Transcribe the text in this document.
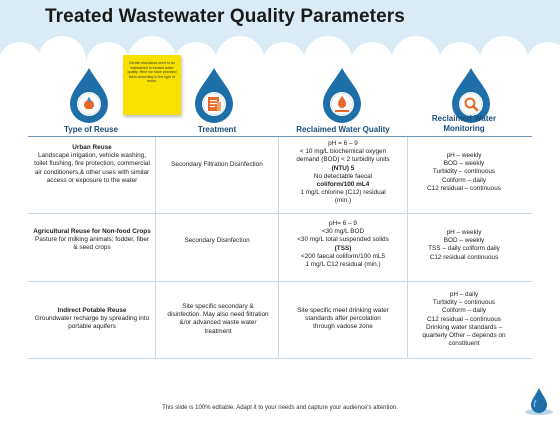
Treated Wastewater Quality Parameters
Certain standards need to be maintained in treated water quality. Here we have provided them according to the type of reuse.
Type of Reuse	Treatment	Reclaimed Water Quality
Reclaimed Water Monitoring
Urban Reuse
Landscape irrigation, vehicle washing, toilet flushing, fire protection, commercial air conditioners,& other uses with similar access or exposure to the water
Secondary Filtration Disinfection
pH = 6 – 9
< 10 mg/L biochemical oxygen
demand (BOD) < 2 turbidity units
(NTU) 5
No detectable faecal
coliform/100 mL4
1 mg/L chlorine (C12) residual
(min.)
pH – weekly
BOD – weekly
Turbidity – continuous
Coliform – daily
C12 residual – continuous
Agricultural Reuse for Non-food Crops
Pasture for milking animals; fodder, fiber & seed crops
Secondary Disinfection
pH= 6 – 9
<30 mg/L BOD
<30 mg/L total suspended solids
(TSS)
<200 faecal coliform/100 mL5
1 mg/L C12 residual (min.)
pH – weekly
BOD – weekly
TSS – daily coliform daily
C12 residual continuous
Indirect Potable Reuse
Groundwater recharge by spreading into portable aquifers
Site specific secondary & disinfection. May also need filtration &/or advanced waste water treatment
Site specific meet drinking water
standards after percolation
through vadose zone
pH – daily
Turbidity – continuous
Coliform – daily
C12 residual – continuous
Drinking water standards –
quarterly Other – depends on
constituent
This slide is 100% editable. Adapt it to your needs and capture your audience's attention.
